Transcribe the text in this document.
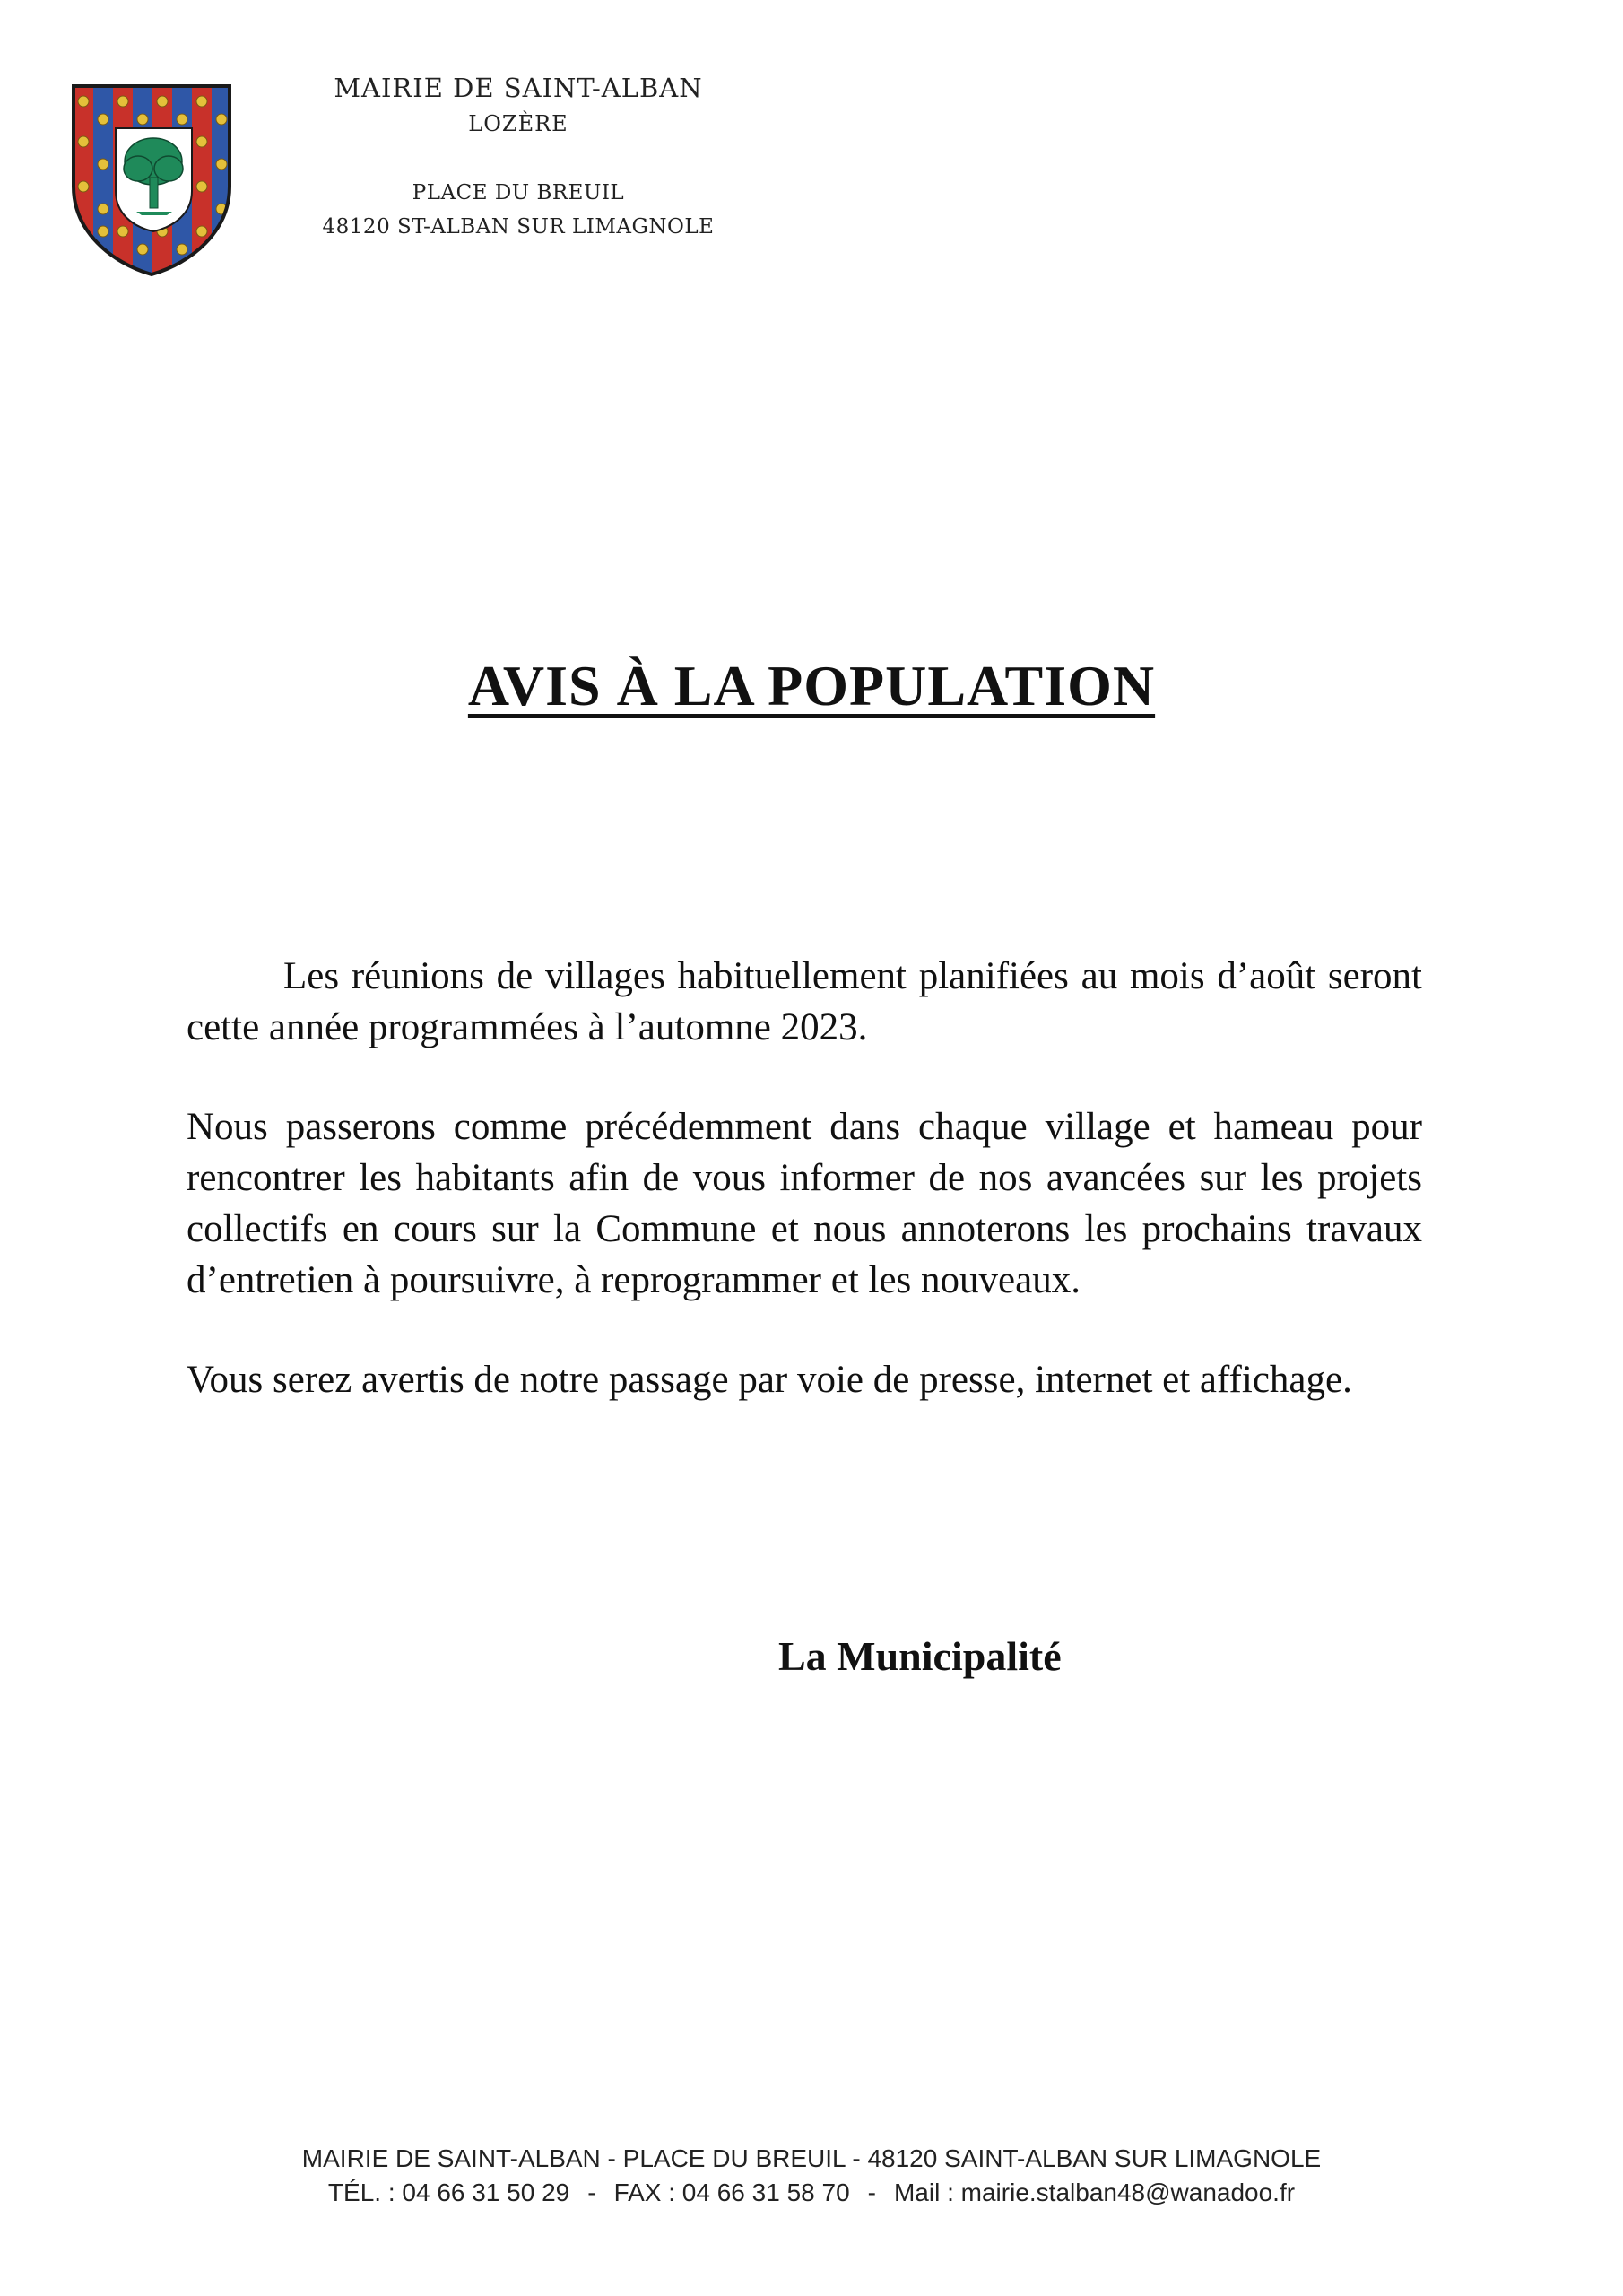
MAIRIE DE SAINT-ALBAN
LOZÈRE
PLACE DU BREUIL
48120 ST-ALBAN SUR LIMAGNOLE
AVIS À LA POPULATION

Les réunions de villages habituellement planifiées au mois d’août seront cette année programmées à l’automne 2023.

Nous passerons comme précédemment dans chaque village et hameau pour rencontrer les habitants afin de vous informer de nos avancées sur les projets collectifs en cours sur la Commune et nous annoterons les prochains travaux d’entretien à poursuivre, à reprogrammer et les nouveaux.

Vous serez avertis de notre passage par voie de presse, internet et affichage.

La Municipalité
MAIRIE DE SAINT-ALBAN - PLACE DU BREUIL - 48120 SAINT-ALBAN SUR LIMAGNOLE
TÉL. : 04 66 31 50 29 - FAX : 04 66 31 58 70 - Mail : mairie.stalban48@wanadoo.fr
